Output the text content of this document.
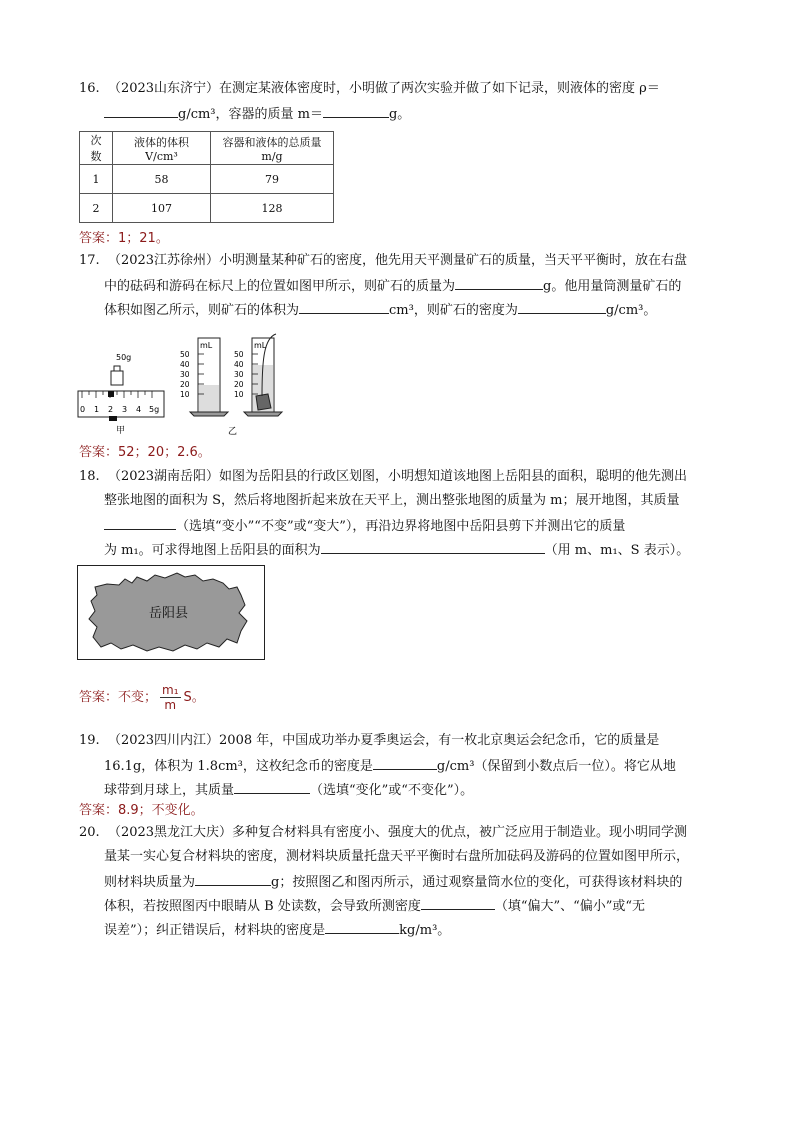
16. （2023山东济宁）在测定某液体密度时，小明做了两次实验并做了如下记录，则液体的密度 ρ＝
g/cm³，容器的质量 m＝	g。
次数	液体的体积V/cm³	容器和液体的总质量m/g
1	58	79
2	107	128
答案：1；21。
17. （2023江苏徐州）小明测量某种矿石的密度，他先用天平测量矿石的质量，当天平平衡时，放在右盘
中的砝码和游码在标尺上的位置如图甲所示，则矿石的质量为	g。他用量筒测量矿石的
体积如图乙所示，则矿石的体积为	cm³，则矿石的密度为	g/cm³。
50g
0 1 2 3 4 5g
甲
mL
50
40
30
20
10
mL
50
40
30
20
10
乙
答案：52；20；2.6。
18. （2023湖南岳阳）如图为岳阳县的行政区划图，小明想知道该地图上岳阳县的面积，聪明的他先测出
整张地图的面积为 S，然后将地图折起来放在天平上，测出整张地图的质量为 m；展开地图，其质量
（选填“变小”“不变”或“变大”），再沿边界将地图中岳阳县剪下并测出它的质量
为 m₁。可求得地图上岳阳县的面积为	（用 m、m₁、S 表示）。
岳阳县
答案：不变； $\frac{\text{m₁}}{m}$ S。
19. （2023四川内江）2008 年，中国成功举办夏季奥运会，有一枚北京奥运会纪念币，它的质量是
16.1g，体积为 1.8cm³，这枚纪念币的密度是	g/cm³（保留到小数点后一位）。将它从地
球带到月球上，其质量	（选填“变化”或“不变化”）。
答案：8.9；不变化。
20. （2023黑龙江大庆）多种复合材料具有密度小、强度大的优点，被广泛应用于制造业。现小明同学测
量某一实心复合材料块的密度，测材料块质量托盘天平平衡时右盘所加砝码及游码的位置如图甲所示，
则材料块质量为	g；按照图乙和图丙所示，通过观察量筒水位的变化，可获得该材料块的
体积，若按照图丙中眼睛从 B 处读数，会导致所测密度	（填“偏大”、“偏小”或“无
误差”）；纠正错误后，材料块的密度是	kg/m³。
